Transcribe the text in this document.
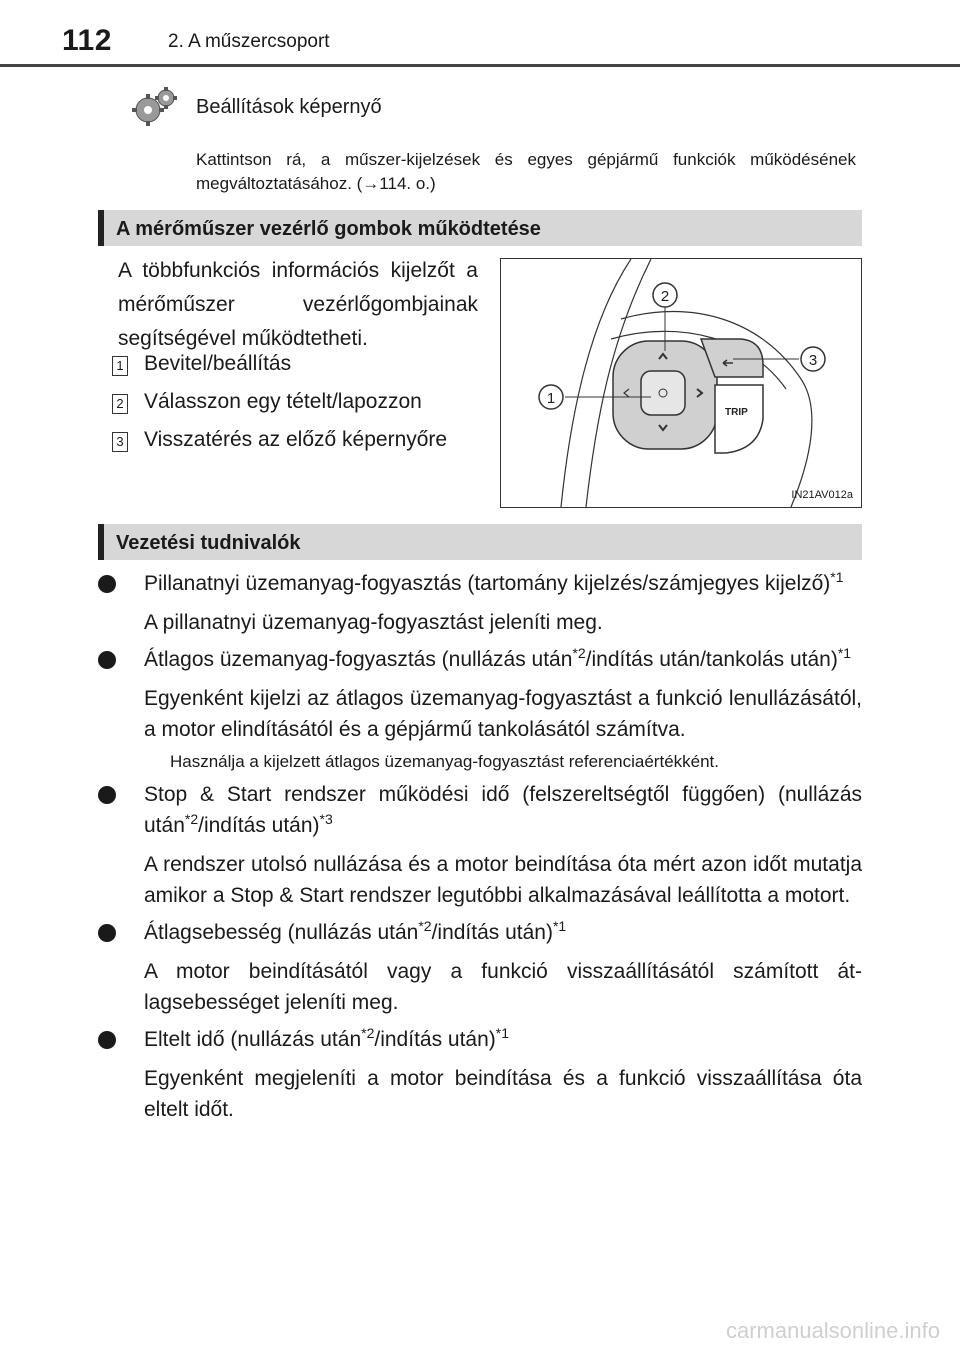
112	2. A műszercsoport
Beállítások képernyő
Kattintson rá, a műszer-kijelzések és egyes gépjármű funkciók működésének megváltoztatásához. (→114. o.)
A mérőműszer vezérlő gombok működtetése
A többfunkciós információs kijelzőt a mérőműszer vezérlőgombjainak segítségével működtetheti.
1 Bevitel/beállítás
2 Válasszon egy tételt/lapozzon
3 Visszatérés az előző képernyőre
TRIP
2
1
3
IN21AV012a
Vezetési tudnivalók
Pillanatnyi üzemanyag-fogyasztás (tartomány kijelzés/számjegyes kijelző)$^{*1}$
A pillanatnyi üzemanyag-fogyasztást jeleníti meg.
Átlagos üzemanyag-fogyasztás (nullázás után$^{*2}$/indítás után/tankolás után)$^{*1}$
Egyenként kijelzi az átlagos üzemanyag-fogyasztást a funkció lenullázásától, a motor elindításától és a gépjármű tankolásától számítva.
Használja a kijelzett átlagos üzemanyag-fogyasztást referenciaértékként.
Stop & Start rendszer működési idő (felszereltségtől függően) (nullázás után$^{*2}$/indítás után)$^{*3}$
A rendszer utolsó nullázása és a motor beindítása óta mért azon időt mutatja amikor a Stop & Start rendszer legutóbbi alkalmazásával leállította a motort.
Átlagsebesség (nullázás után$^{*2}$/indítás után)$^{*1}$
A motor beindításától vagy a funkció visszaállításától számított átlagsebességet jeleníti meg.
Eltelt idő (nullázás után$^{*2}$/indítás után)$^{*1}$
Egyenként megjeleníti a motor beindítása és a funkció visszaállítása óta eltelt időt.
carmanualsonline.info
